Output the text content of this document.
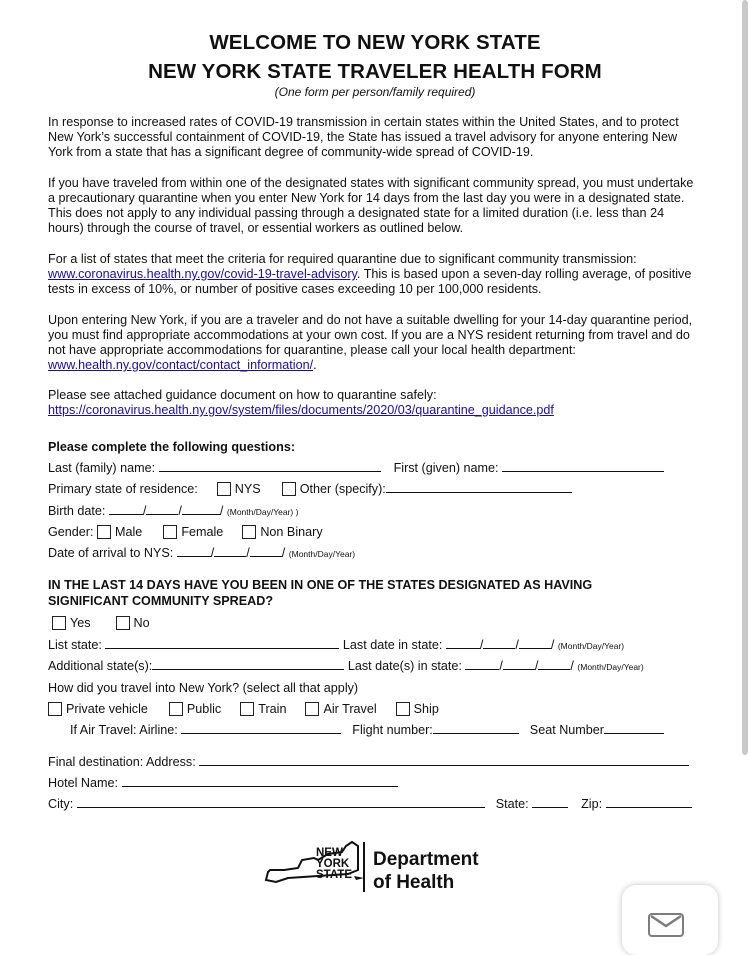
WELCOME TO NEW YORK STATE
NEW YORK STATE TRAVELER HEALTH FORM
(One form per person/family required)
In response to increased rates of COVID-19 transmission in certain states within the United States, and to protect New York’s successful containment of COVID-19, the State has issued a travel advisory for anyone entering New York from a state that has a significant degree of community-wide spread of COVID-19.
If you have traveled from within one of the designated states with significant community spread, you must undertake a precautionary quarantine when you enter New York for 14 days from the last day you were in a designated state. This does not apply to any individual passing through a designated state for a limited duration (i.e. less than 24 hours) through the course of travel, or essential workers as outlined below.
For a list of states that meet the criteria for required quarantine due to significant community transmission: www.coronavirus.health.ny.gov/covid-19-travel-advisory. This is based upon a seven-day rolling average, of positive tests in excess of 10%, or number of positive cases exceeding 10 per 100,000 residents.
Upon entering New York, if you are a traveler and do not have a suitable dwelling for your 14-day quarantine period, you must find appropriate accommodations at your own cost. If you are a NYS resident returning from travel and do not have appropriate accommodations for quarantine, please call your local health department: www.health.ny.gov/contact/contact_information/.
Please see attached guidance document on how to quarantine safely:
https://coronavirus.health.ny.gov/system/files/documents/2020/03/quarantine_guidance.pdf
Please complete the following questions:
Last (family) name:	First (given) name:
Primary state of residence:	NYS	Other (specify):
Birth date:	/	/	/ (Month/Day/Year) )
Gender: Male	Female	Non Binary
Date of arrival to NYS:	/	/	/ (Month/Day/Year)
IN THE LAST 14 DAYS HAVE YOU BEEN IN ONE OF THE STATES DESIGNATED AS HAVING
SIGNIFICANT COMMUNITY SPREAD?
Yes	No
List state:	Last date in state:	/	/	/ (Month/Day/Year)
Additional state(s):	Last date(s) in state:	/	/	/ (Month/Day/Year)
How did you travel into New York? (select all that apply)
Private vehicle	Public	Train	Air Travel	Ship
If Air Travel: Airline:	Flight number:	Seat Number
Final destination: Address:
Hotel Name:
City:	State:	Zip:
NEW
YORK
STATE
Department
of Health
